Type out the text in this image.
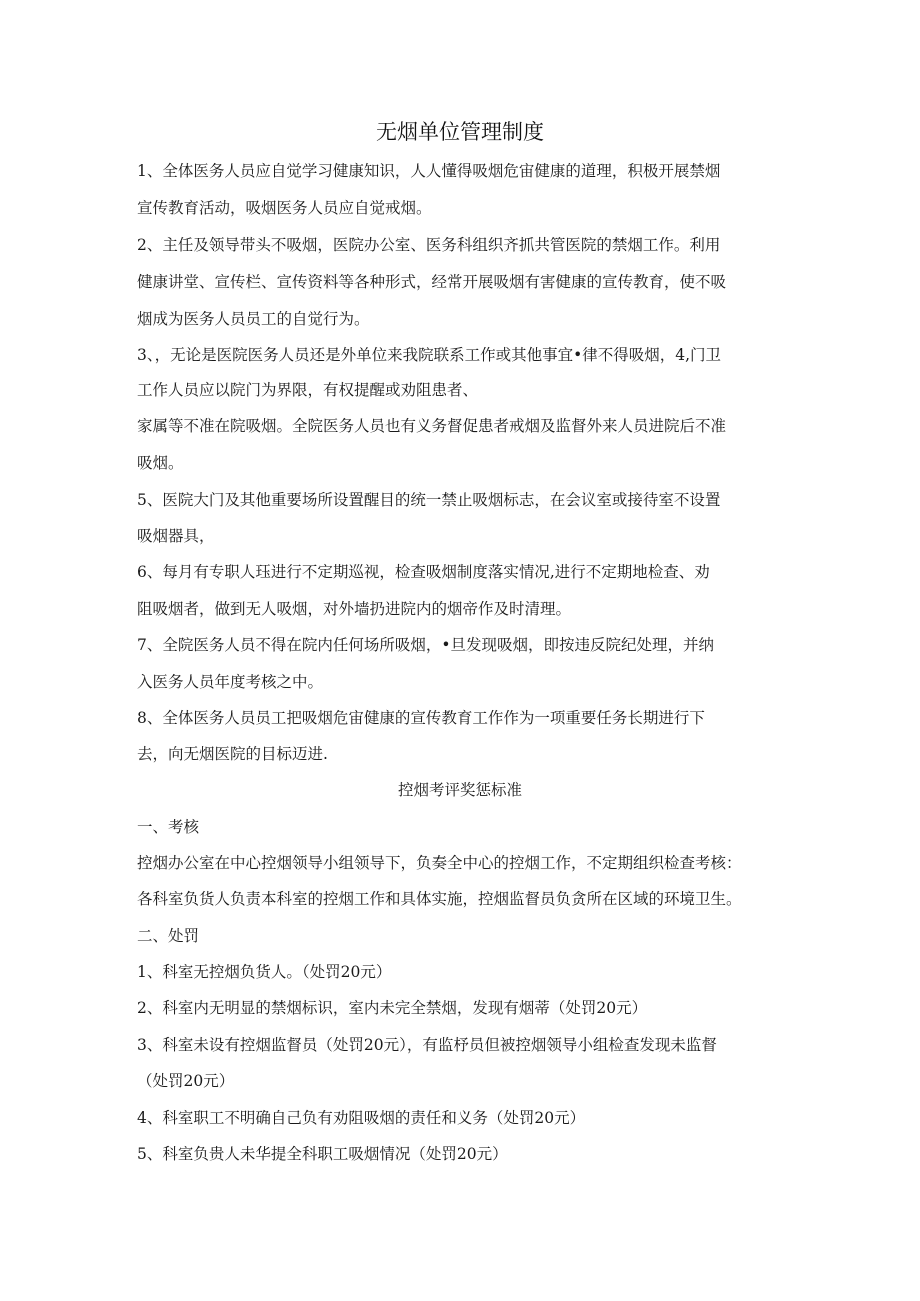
无烟单位管理制度

1、全体医务人员应自觉学习健康知识，人人懂得吸烟危宙健康的道理，积极开展禁烟

宣传教育活动，吸烟医务人员应自觉戒烟。

2、主任及领导带头不吸烟，医院办公室、医务科组织齐抓共管医院的禁烟工作。利用

健康讲堂、宣传栏、宣传资料等各种形式，经常开展吸烟有害健康的宣传教育，使不吸

烟成为医务人员员工的自觉行为。

3、，无论是医院医务人员还是外单位来我院联系工作或其他事宜•律不得吸烟，4,门卫

工作人员应以院门为界限，有权提醒或劝阻患者、

家属等不准在院吸烟。全院医务人员也有义务督促患者戒烟及监督外来人员进院后不准

吸烟。

5、医院大门及其他重要场所设置醒目的统一禁止吸烟标志，在会议室或接待室不设置

吸烟器具，

6、每月有专职人珏进行不定期巡视，检查吸烟制度落实情况,进行不定期地检查、劝

阻吸烟者，做到无人吸烟，对外墙扔进院内的烟帝作及时清理。

7、全院医务人员不得在院内任何场所吸烟，•旦发现吸烟，即按违反院纪处理，并纳

入医务人员年度考核之中。

8、全体医务人员员工把吸烟危宙健康的宣传教育工作作为一项重要任务长期进行下

去，向无烟医院的目标迈进.

控烟考评奖惩标准

一、考核

控烟办公室在中心控烟领导小组领导下，负奏全中心的控烟工作，不定期组织检查考核：

各科室负货人负责本科室的控烟工作和具体实施，控烟监督员负贪所在区域的环境卫生。

二、处罚

1、科室无控烟负货人。（处罚20元）

2、科室内无明显的禁烟标识，室内未完全禁烟，发现有烟蒂（处罚20元）

3、科室未设有控烟监督员（处罚20元），有监杼员但被控烟领导小组检查发现未监督

（处罚20元）

4、科室职工不明确自己负有劝阻吸烟的责任和义务（处罚20元）

5、科室负贵人未华提全科职工吸烟情况（处罚20元）
